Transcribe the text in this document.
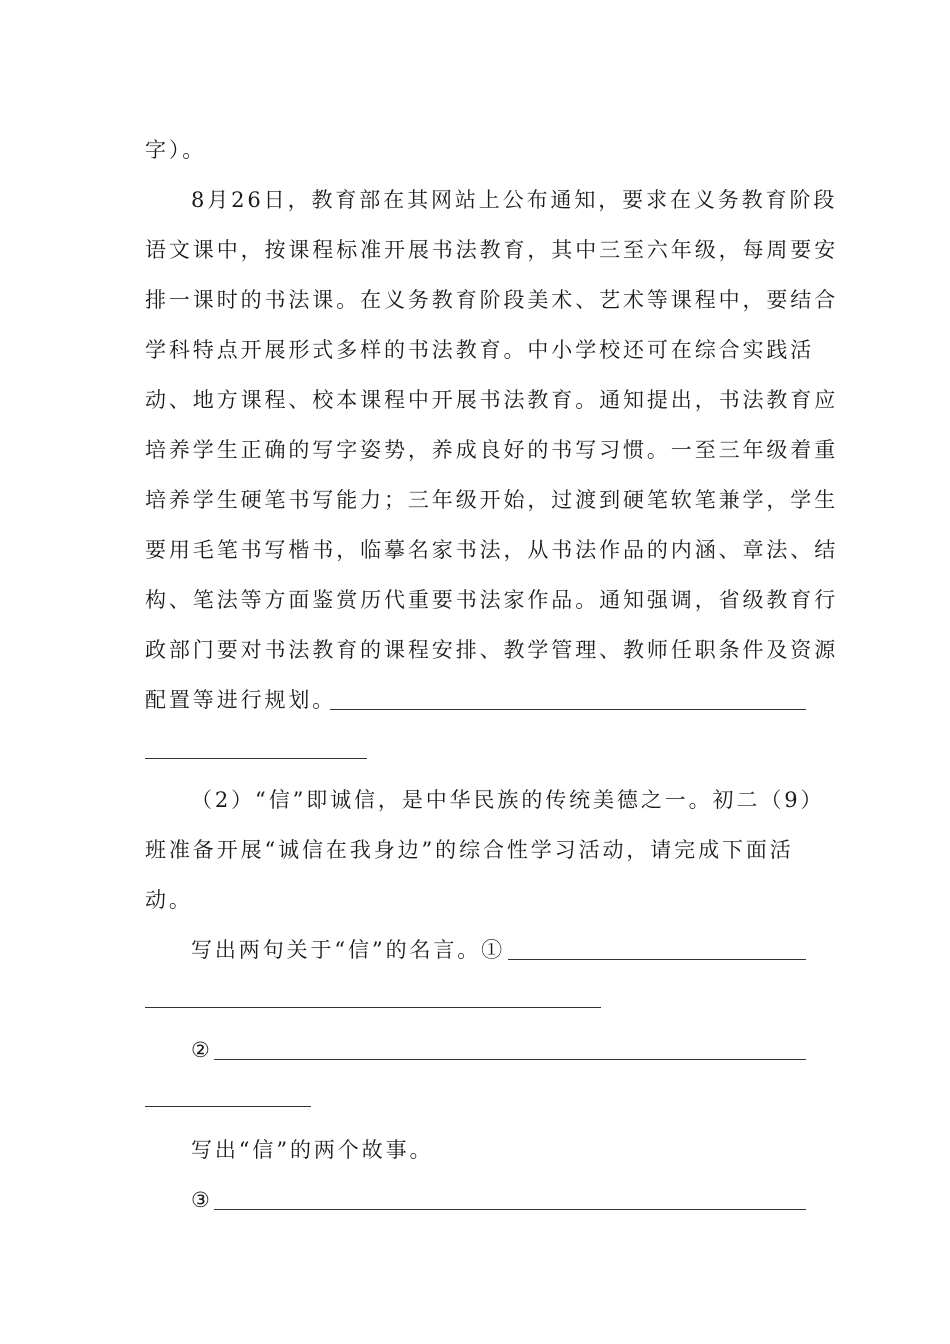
字）。
8月26日，教育部在其网站上公布通知，要求在义务教育阶段
语文课中，按课程标准开展书法教育，其中三至六年级，每周要安
排一课时的书法课。在义务教育阶段美术、艺术等课程中，要结合
学科特点开展形式多样的书法教育。中小学校还可在综合实践活
动、地方课程、校本课程中开展书法教育。通知提出，书法教育应
培养学生正确的写字姿势，养成良好的书写习惯。一至三年级着重
培养学生硬笔书写能力；三年级开始，过渡到硬笔软笔兼学，学生
要用毛笔书写楷书，临摹名家书法，从书法作品的内涵、章法、结
构、笔法等方面鉴赏历代重要书法家作品。通知强调，省级教育行
政部门要对书法教育的课程安排、教学管理、教师任职条件及资源
配置等进行规划。
（2）“信”即诚信，是中华民族的传统美德之一。初二（9）
班准备开展“诚信在我身边”的综合性学习活动，请完成下面活
动。
写出两句关于“信”的名言。①
②
写出“信”的两个故事。
③
